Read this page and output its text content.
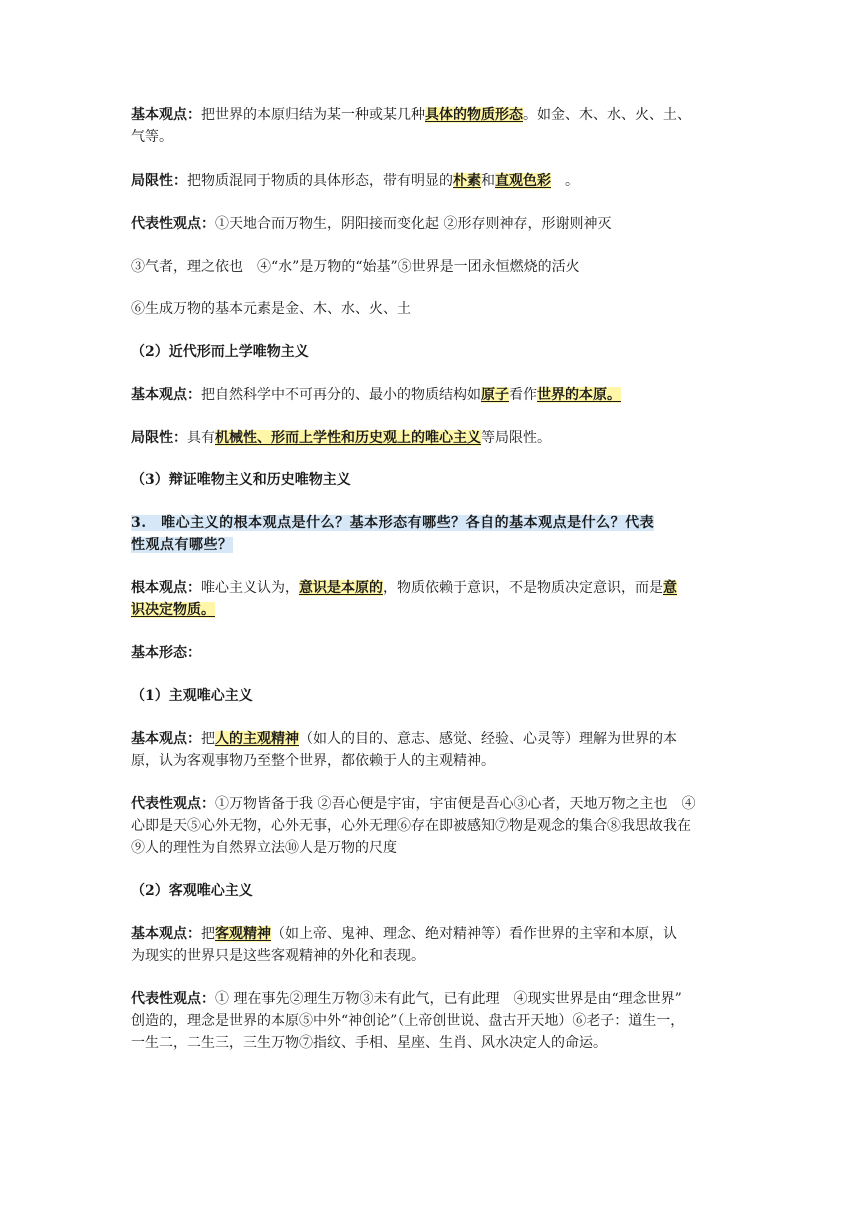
基本观点：把世界的本原归结为某一种或某几种具体的物质形态。如金、木、水、火、土、
气等。
局限性：把物质混同于物质的具体形态，带有明显的朴素和直观色彩　。
代表性观点：①天地合而万物生，阴阳接而变化起 ②形存则神存，形谢则神灭
③气者，理之依也　④“水”是万物的“始基”⑤世界是一团永恒燃烧的活火
⑥生成万物的基本元素是金、木、水、火、土
（2）近代形而上学唯物主义
基本观点：把自然科学中不可再分的、最小的物质结构如原子看作世界的本原。
局限性：具有机械性、形而上学性和历史观上的唯心主义等局限性。
（3）辩证唯物主义和历史唯物主义
3.　唯心主义的根本观点是什么？基本形态有哪些？各自的基本观点是什么？代表
性观点有哪些？
根本观点：唯心主义认为，意识是本原的，物质依赖于意识，不是物质决定意识，而是意
识决定物质。
基本形态：
（1）主观唯心主义
基本观点：把人的主观精神（如人的目的、意志、感觉、经验、心灵等）理解为世界的本
原，认为客观事物乃至整个世界，都依赖于人的主观精神。
代表性观点：①万物皆备于我 ②吾心便是宇宙，宇宙便是吾心③心者，天地万物之主也　④
心即是天⑤心外无物，心外无事，心外无理⑥存在即被感知⑦物是观念的集合⑧我思故我在
⑨人的理性为自然界立法⑩人是万物的尺度
（2）客观唯心主义
基本观点：把客观精神（如上帝、鬼神、理念、绝对精神等）看作世界的主宰和本原，认
为现实的世界只是这些客观精神的外化和表现。
代表性观点：① 理在事先②理生万物③未有此气，已有此理　④现实世界是由“理念世界”
创造的，理念是世界的本原⑤中外“神创论”（上帝创世说、盘古开天地）⑥老子：道生一，
一生二，二生三，三生万物⑦指纹、手相、星座、生肖、风水决定人的命运。
